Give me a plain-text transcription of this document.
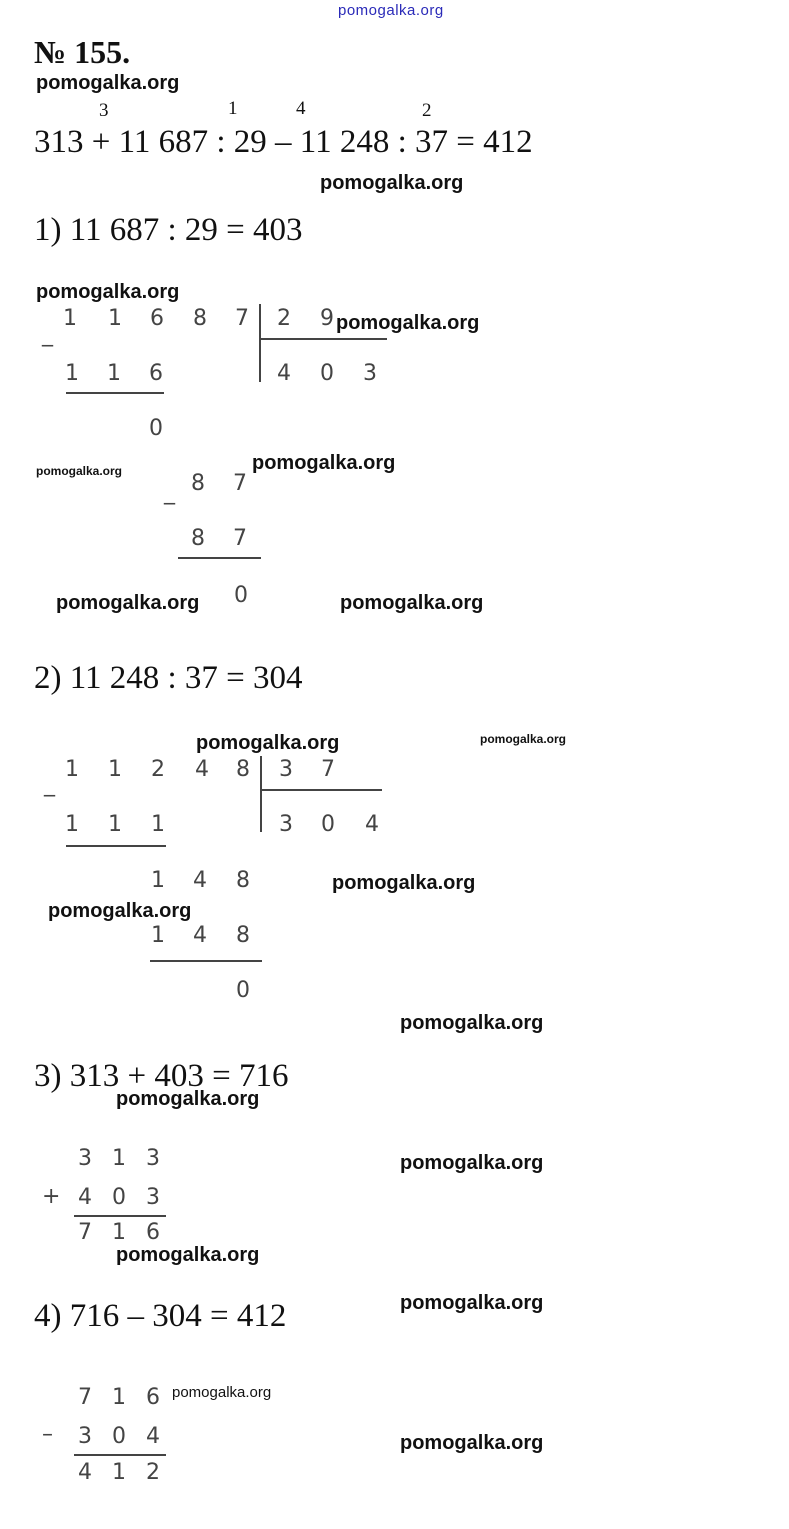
pomogalka.org
№ 155.
pomogalka.org
3	1	4	2
313 + 11 687 : 29 – 11 248 : 37 = 412
pomogalka.org
1) 11 687 : 29 = 403
pomogalka.org
_
1 1 6 8 7 2 9
4 0 3
1 1 6
0
_ 8 7
8 7
0
pomogalka.org
pomogalka.org	pomogalka.org
pomogalka.org	pomogalka.org
2) 11 248 : 37 = 304
pomogalka.org	pomogalka.org
_
1 1 2 4 8 3 7
3 0 4
1 1 1
1 4 8
1 4 8
0
pomogalka.org
pomogalka.org
pomogalka.org
3) 313 + 403 = 716
pomogalka.org
3 1 3
+ 4 0 3
7 1 6
pomogalka.org
pomogalka.org
4) 716 – 304 = 412	pomogalka.org
7 1 6
– 3 0 4
4 1 2
pomogalka.org
pomogalka.org
